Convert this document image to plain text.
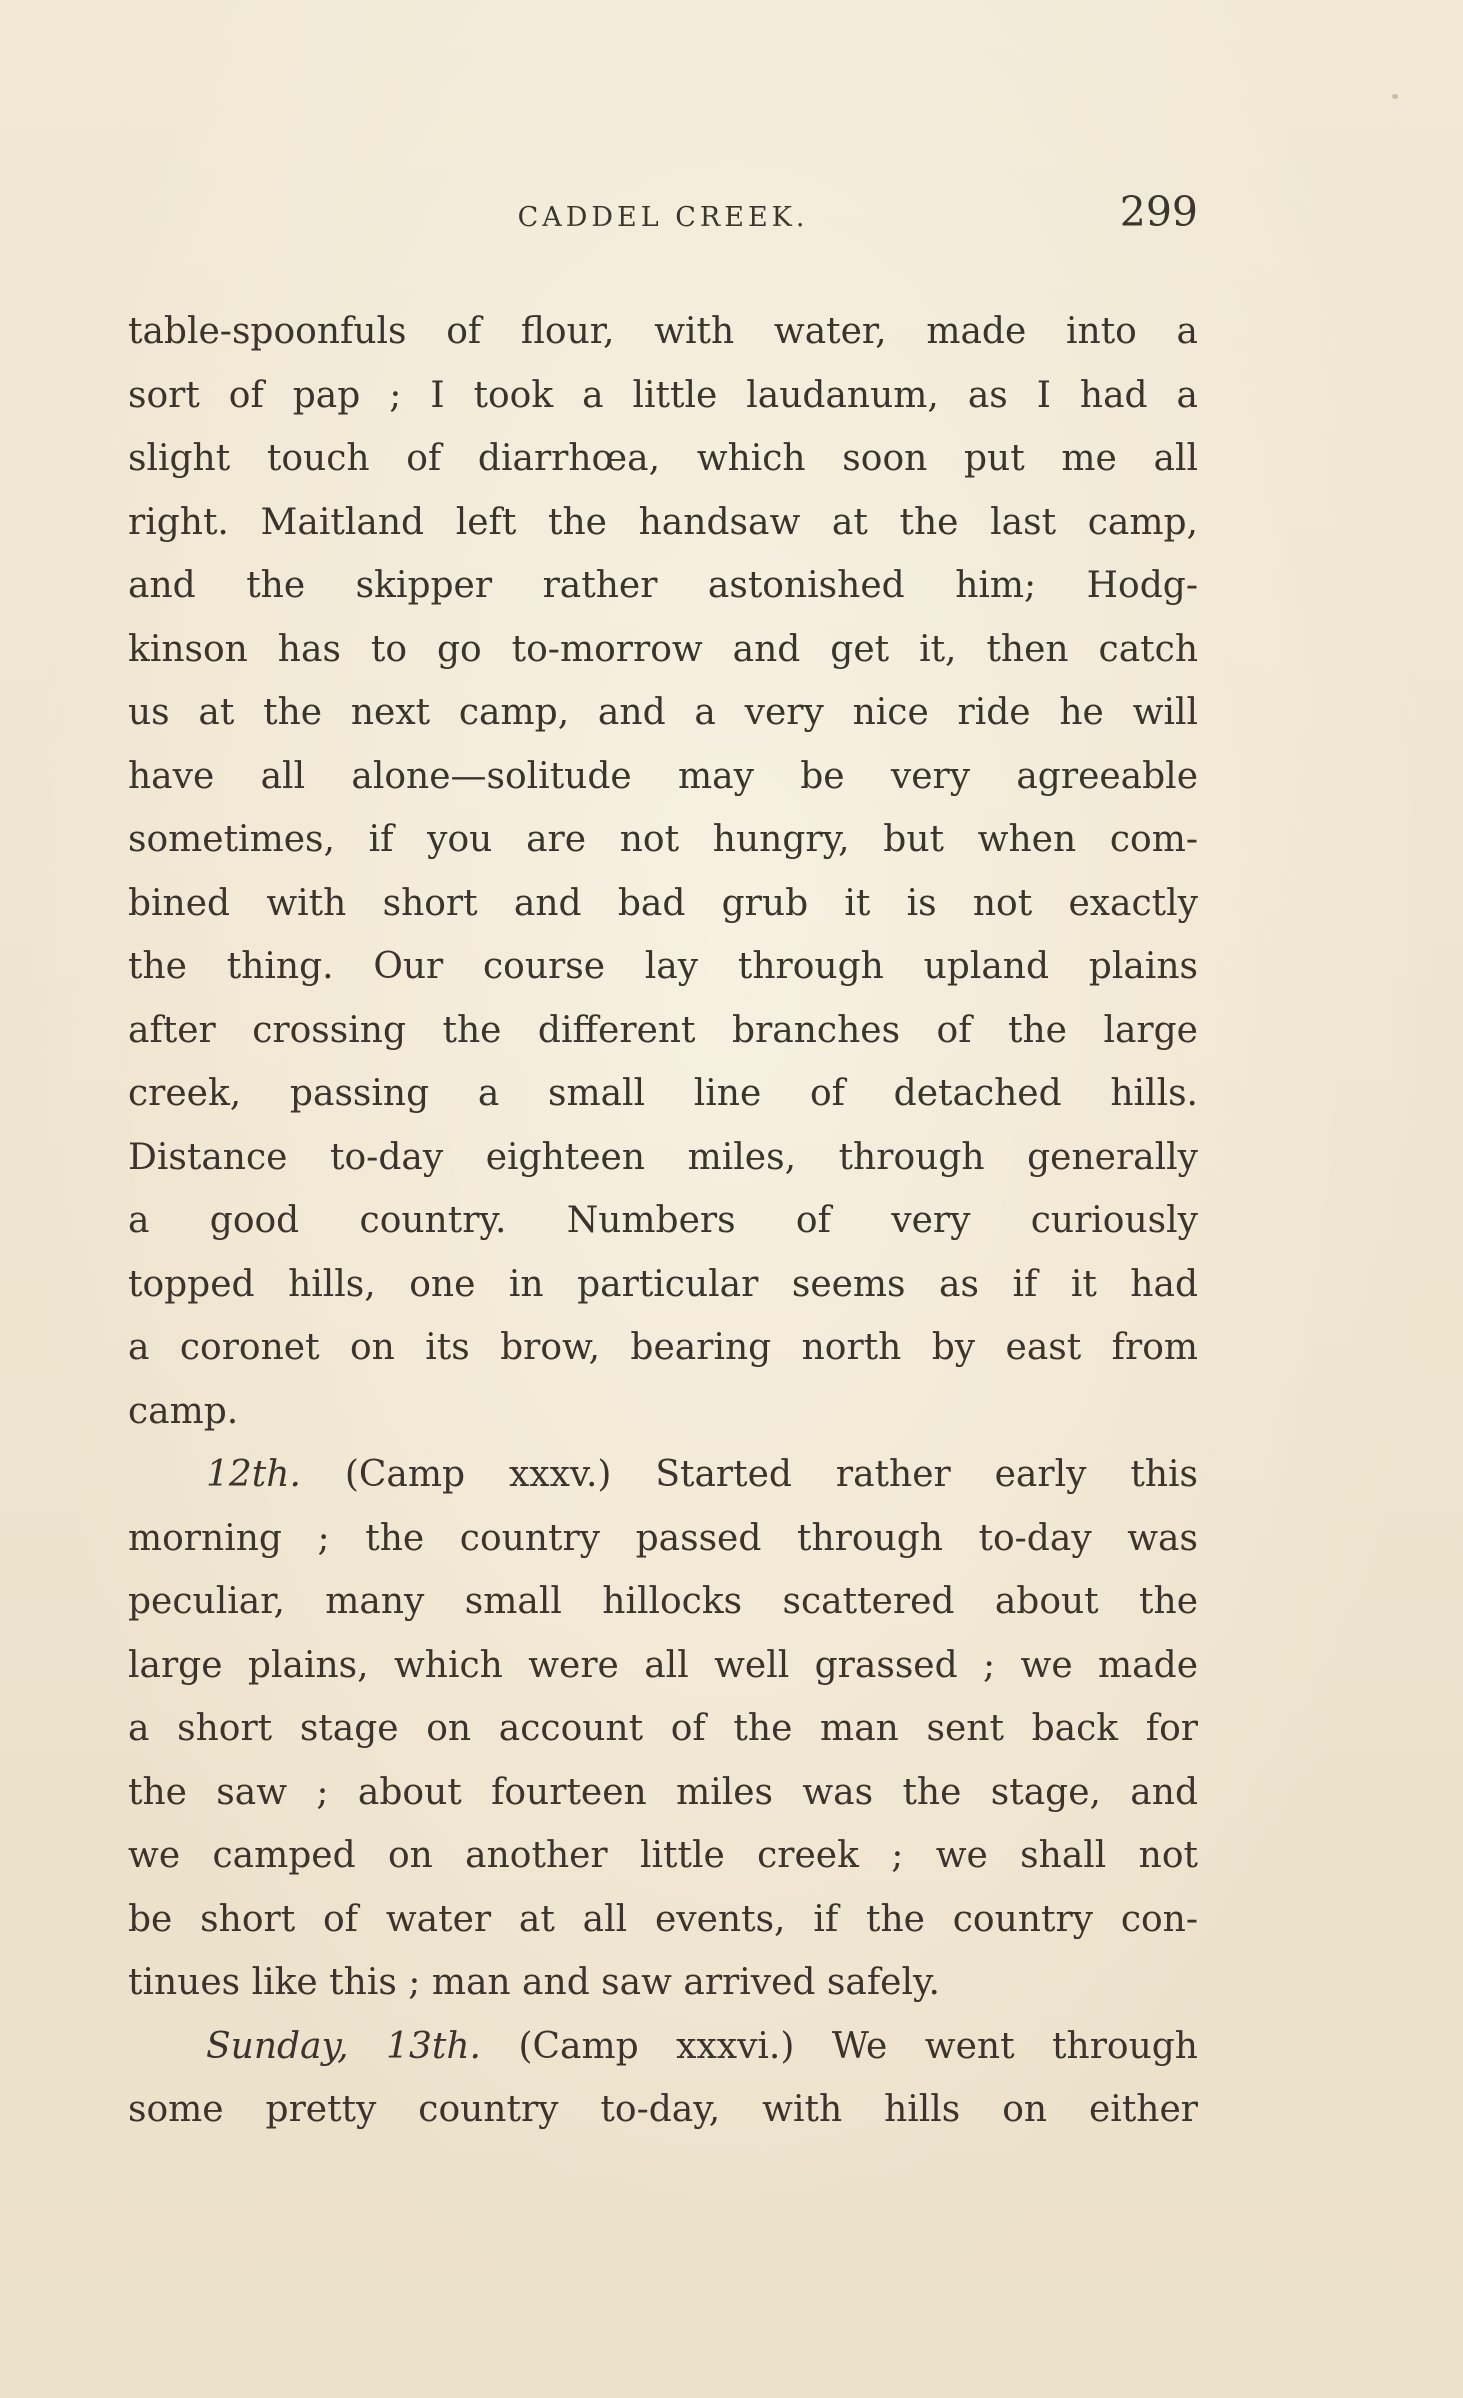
CADDEL CREEK.	299
table-spoonfuls of flour, with water, made into a
sort of pap ; I took a little laudanum, as I had a
slight touch of diarrhœa, which soon put me all
right. Maitland left the handsaw at the last camp,
and the skipper rather astonished him; Hodg-
kinson has to go to-morrow and get it, then catch
us at the next camp, and a very nice ride he will
have all alone—solitude may be very agreeable
sometimes, if you are not hungry, but when com-
bined with short and bad grub it is not exactly
the thing. Our course lay through upland plains
after crossing the different branches of the large
creek, passing a small line of detached hills.
Distance to-day eighteen miles, through generally
a good country. Numbers of very curiously
topped hills, one in particular seems as if it had
a coronet on its brow, bearing north by east from
camp.
12th. (Camp xxxv.) Started rather early this
morning ; the country passed through to-day was
peculiar, many small hillocks scattered about the
large plains, which were all well grassed ; we made
a short stage on account of the man sent back for
the saw ; about fourteen miles was the stage, and
we camped on another little creek ; we shall not
be short of water at all events, if the country con-
tinues like this ; man and saw arrived safely.
Sunday, 13th. (Camp xxxvi.) We went through
some pretty country to-day, with hills on either
